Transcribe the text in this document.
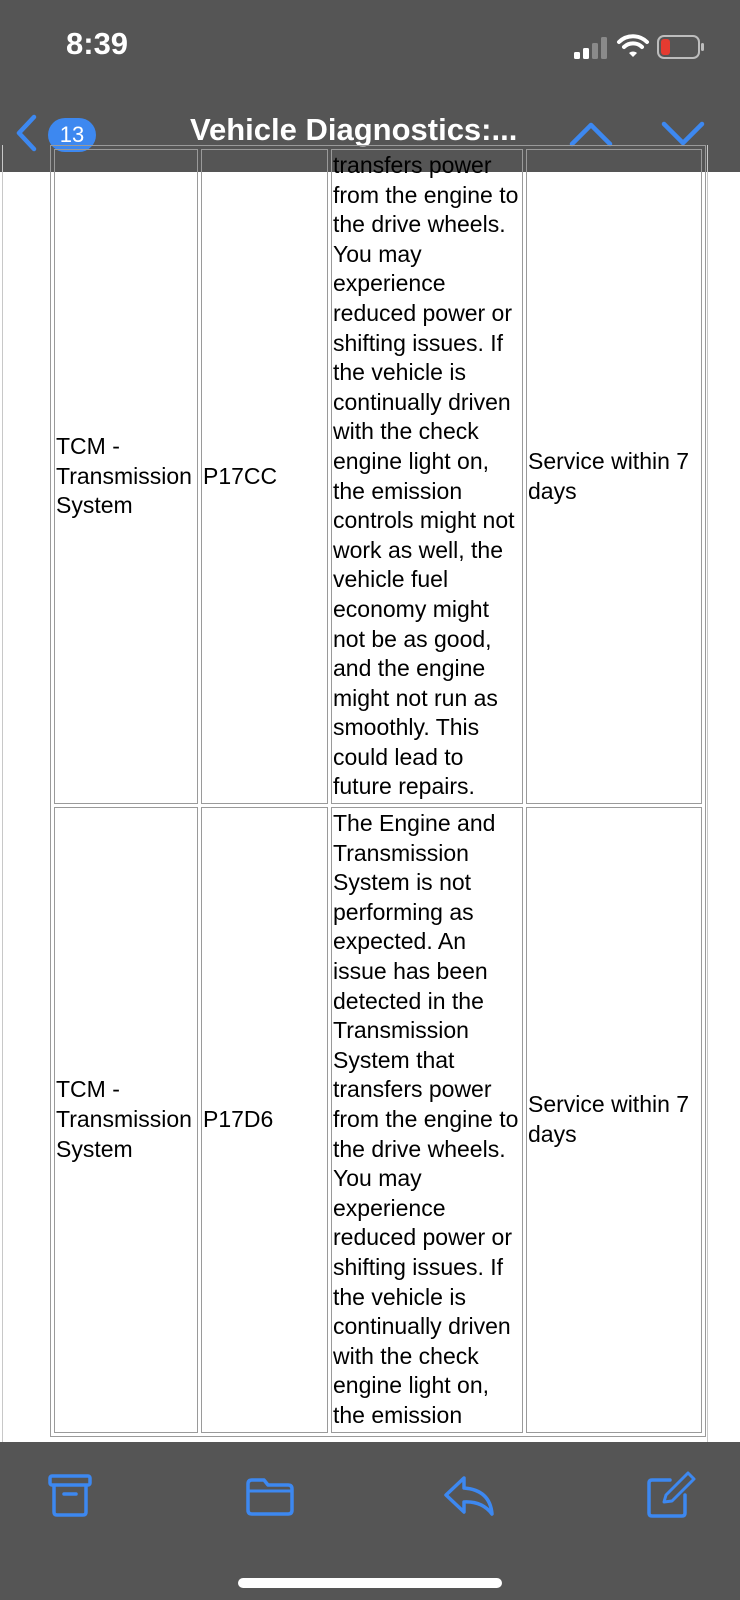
8:39
13	Vehicle Diagnostics:...
TCM - Transmission System	P17CC	transfers power from the engine to the drive wheels. You may experience reduced power or shifting issues. If the vehicle is continually driven with the check engine light on, the emission controls might not work as well, the vehicle fuel economy might not be as good, and the engine might not run as smoothly. This could lead to future repairs.	Service within 7 days
TCM - Transmission System	P17D6	The Engine and Transmission System is not performing as expected. An issue has been detected in the Transmission System that transfers power from the engine to the drive wheels. You may experience reduced power or shifting issues. If the vehicle is continually driven with the check engine light on, the emission	Service within 7 days
